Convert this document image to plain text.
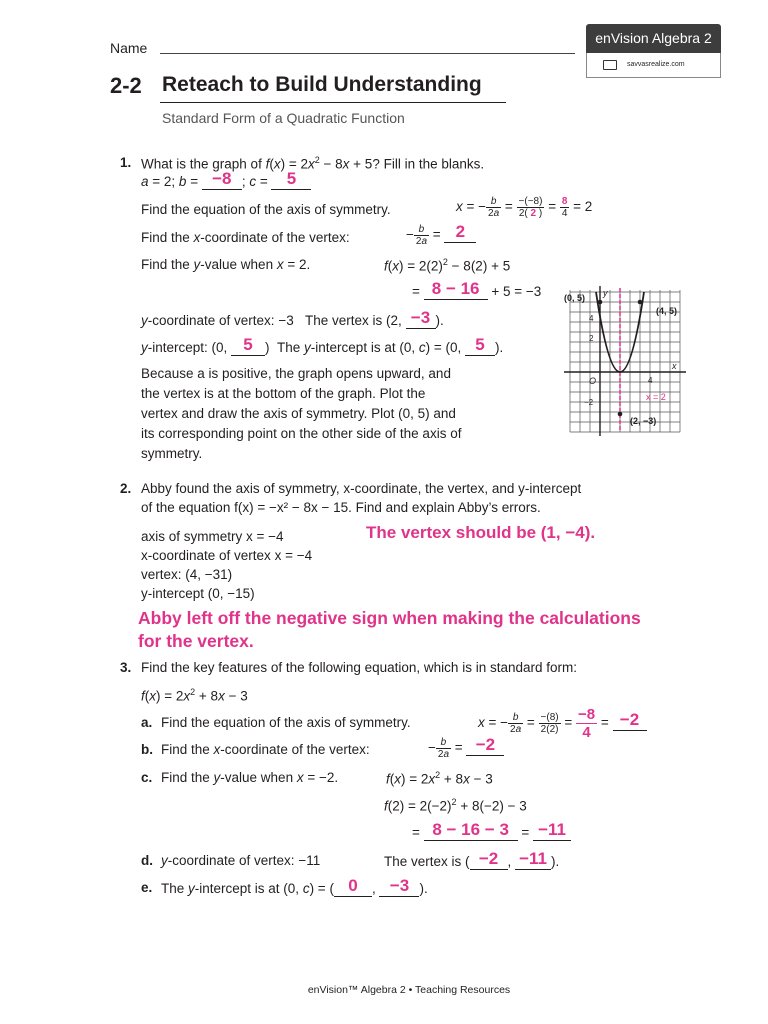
Name
enVision Algebra 2
savvasrealize.com
2-2 Reteach to Build Understanding
Standard Form of a Quadratic Function
1. What is the graph of $f(x) = 2x^2 - 8x + 5$? Fill in the blanks.
a = 2; b = −8 ; c = 5
Find the equation of the axis of symmetry.	x = − $\frac{b}{2a} = \frac{-(-8)}{2( 2 )} = \frac{8}{4} = 2$
Find the x-coordinate of the vertex:	− $\frac{b}{2a} = 2$
Find the y-value when x = 2.	$f(x) = 2(2)^2 - 8(2) + 5$
= 8 − 16 + 5 = −3
y-coordinate of vertex: −3   The vertex is (2, −3 ).
y-intercept: (0, 5 )  The y-intercept is at (0, c) = (0, 5 ).
Because a is positive, the graph opens upward, and
the vertex is at the bottom of the graph. Plot the
vertex and draw the axis of symmetry. Plot (0, 5) and
its corresponding point on the other side of the axis of
symmetry.
(0, 5)
(4, 5)
(2, −3)
x = 2
x
y
O
4
2
−2
4
2. Abby found the axis of symmetry, x-coordinate, the vertex, and y-intercept
of the equation f(x) = −x² − 8x − 15. Find and explain Abby’s errors.
axis of symmetry x = −4
x-coordinate of vertex x = −4
vertex: (4, −31)
y-intercept (0, −15)
The vertex should be (1, −4).
Abby left off the negative sign when making the calculations
for the vertex.
3. Find the key features of the following equation, which is in standard form:
$f(x) = 2x^2 + 8x - 3$
a. Find the equation of the axis of symmetry.	x = − $\frac{b}{2a} = \frac{-(8)}{2(2)} = \frac{-8}{4} = -2$
b. Find the x-coordinate of the vertex:	− $\frac{b}{2a} = -2$
c. Find the y-value when x = −2.	$f(x) = 2x^2 + 8x - 3$
$f(2) = 2(-2)^2 + 8(-2) - 3$
= 8 − 16 − 3 = −11
d. y-coordinate of vertex: −11	The vertex is ( −2 , −11 ).
e. The y-intercept is at (0, c) = ( 0 , −3 ).
enVision™ Algebra 2 • Teaching Resources
